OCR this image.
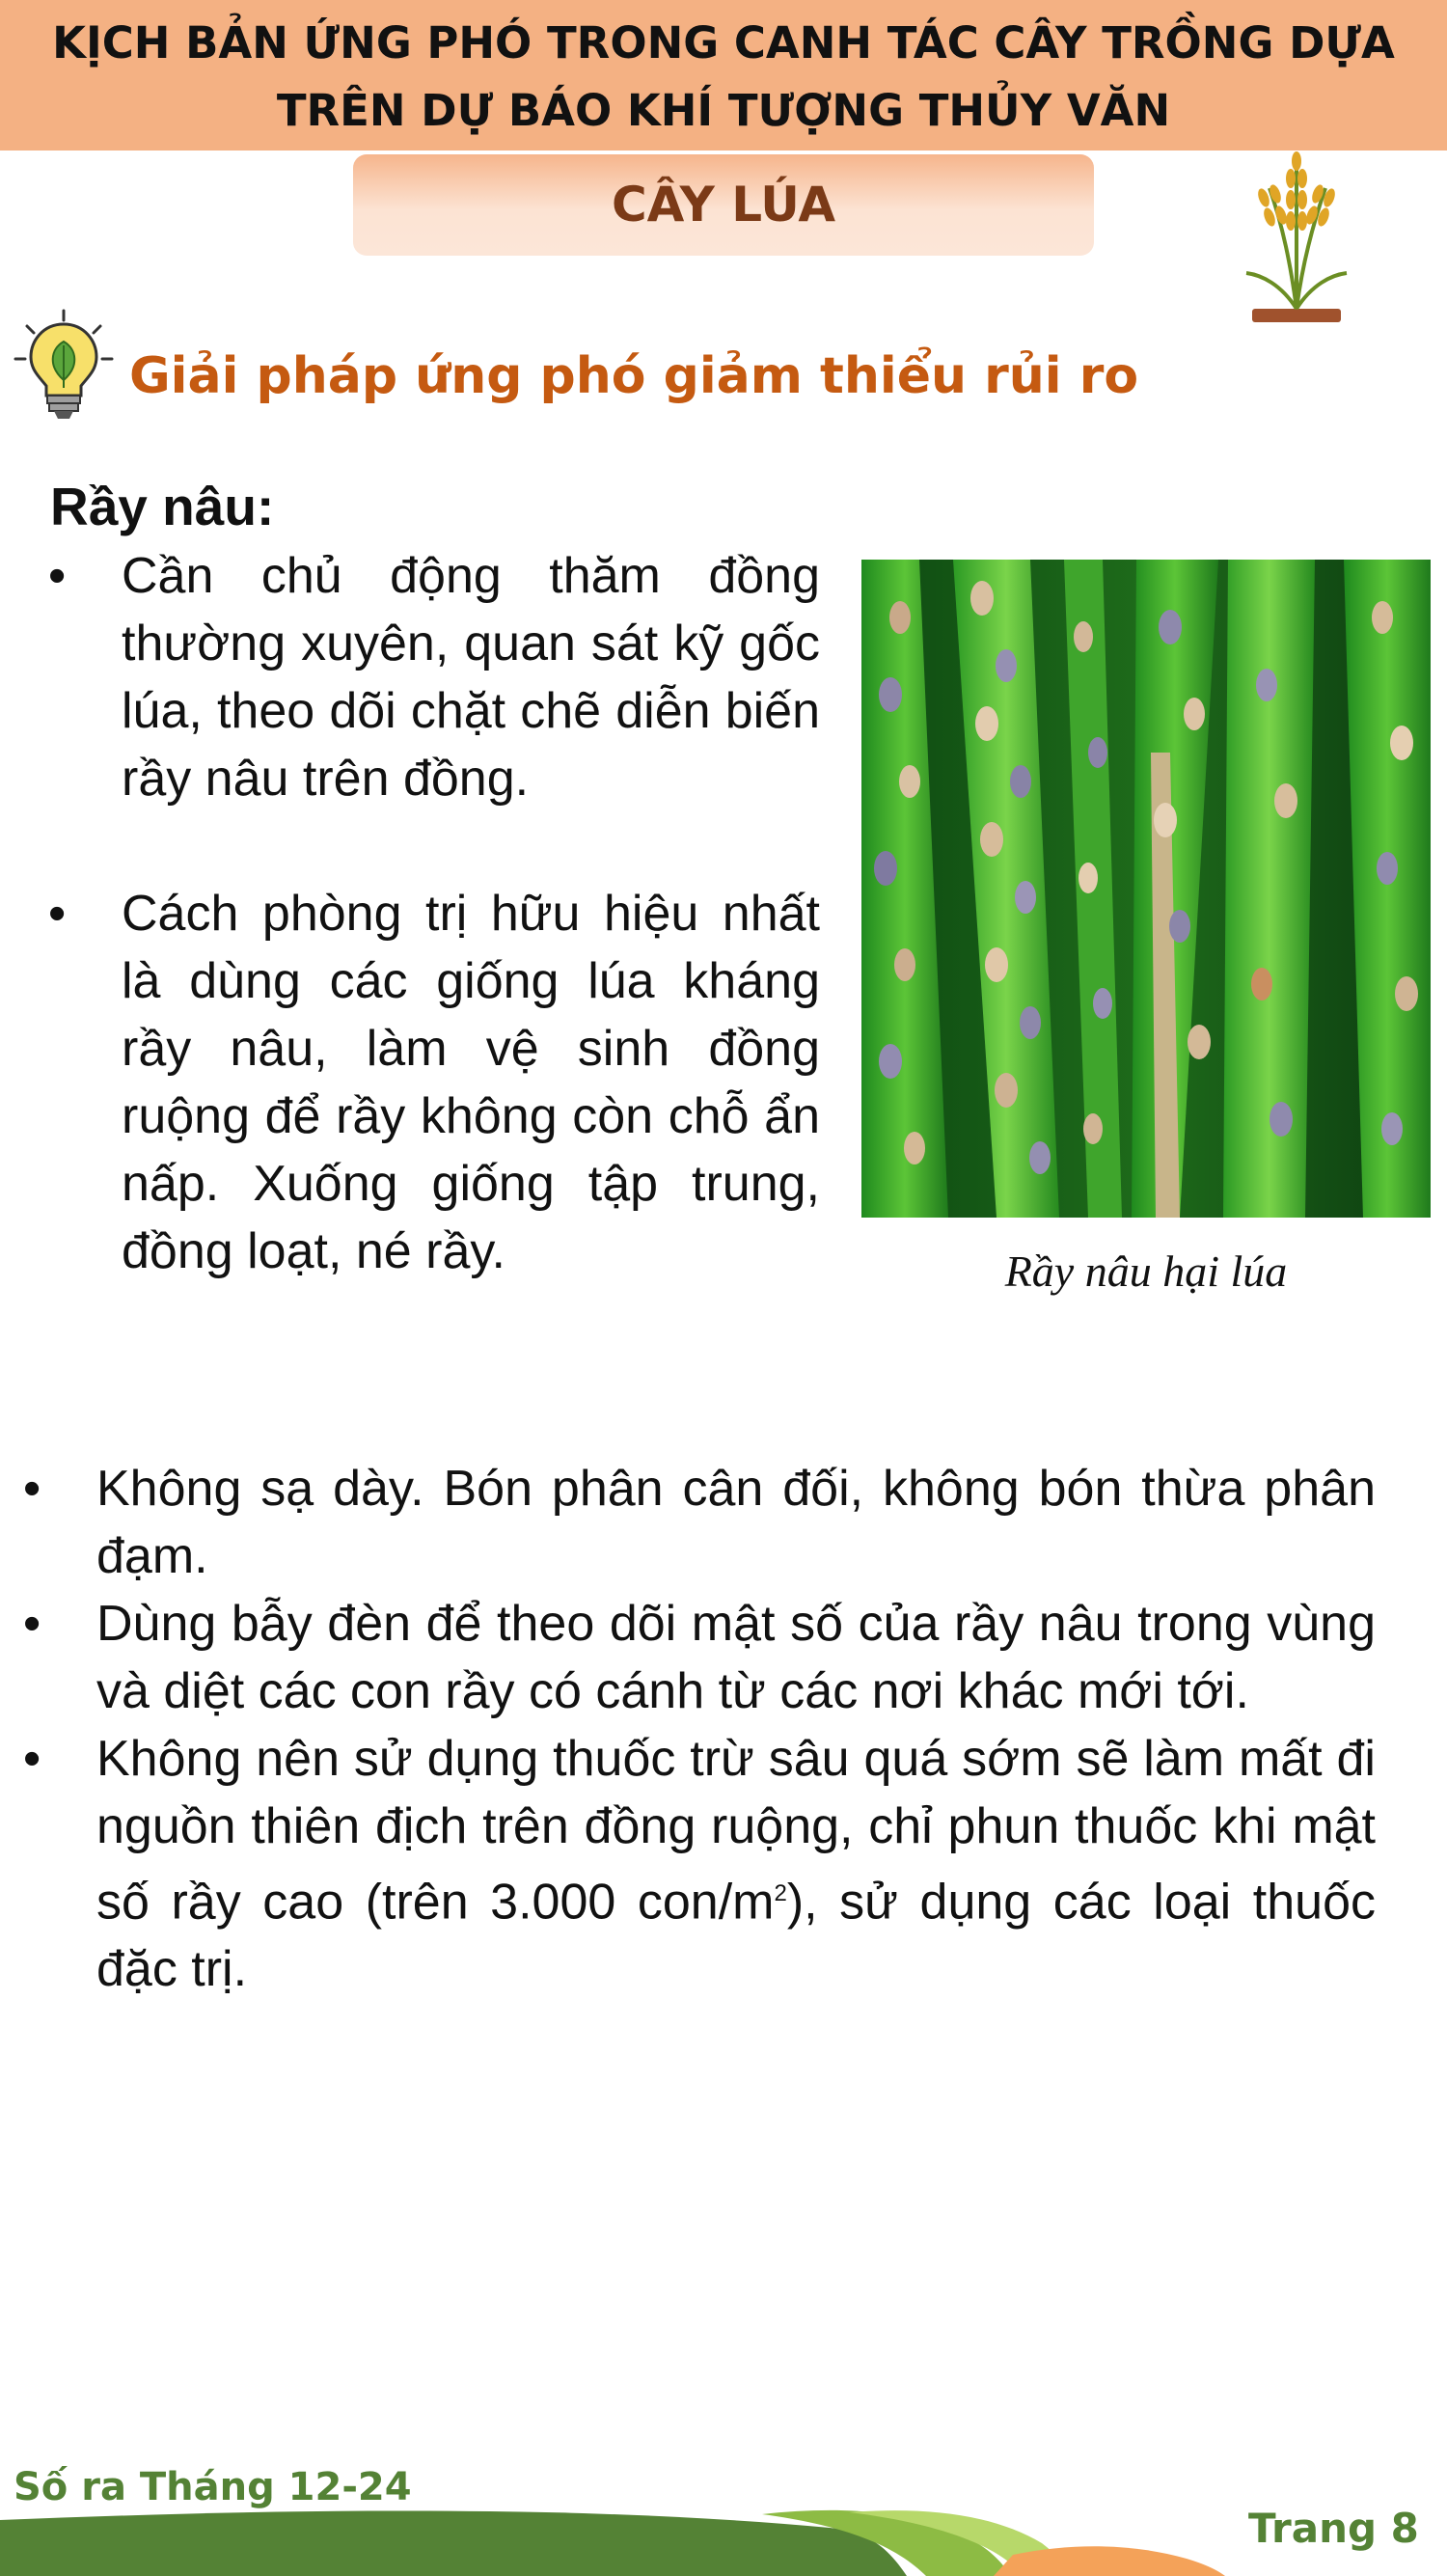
KỊCH BẢN ỨNG PHÓ TRONG CANH TÁC CÂY TRỒNG DỰA
TRÊN DỰ BÁO KHÍ TƯỢNG THỦY VĂN
CÂY LÚA
Giải pháp ứng phó giảm thiểu rủi ro
Rầy nâu:
•	Cần chủ động thăm đồng thường xuyên, quan sát kỹ gốc lúa, theo dõi chặt chẽ diễn biến rầy nâu trên đồng.
•	Cách phòng trị hữu hiệu nhất là dùng các giống lúa kháng rầy nâu, làm vệ sinh đồng ruộng để rầy không còn chỗ ẩn nấp. Xuống giống tập trung, đồng loạt, né rầy.	Rầy nâu hại lúa
•	Không sạ dày. Bón phân cân đối, không bón thừa phân đạm.
•	Dùng bẫy đèn để theo dõi mật số của rầy nâu trong vùng và diệt các con rầy có cánh từ các nơi khác mới tới.
•	Không nên sử dụng thuốc trừ sâu quá sớm sẽ làm mất đi nguồn thiên địch trên đồng ruộng, chỉ phun thuốc khi mật số rầy cao (trên 3.000 con/$m^2$), sử dụng các loại thuốc đặc trị.
Số ra Tháng 12-24
Trang 8
